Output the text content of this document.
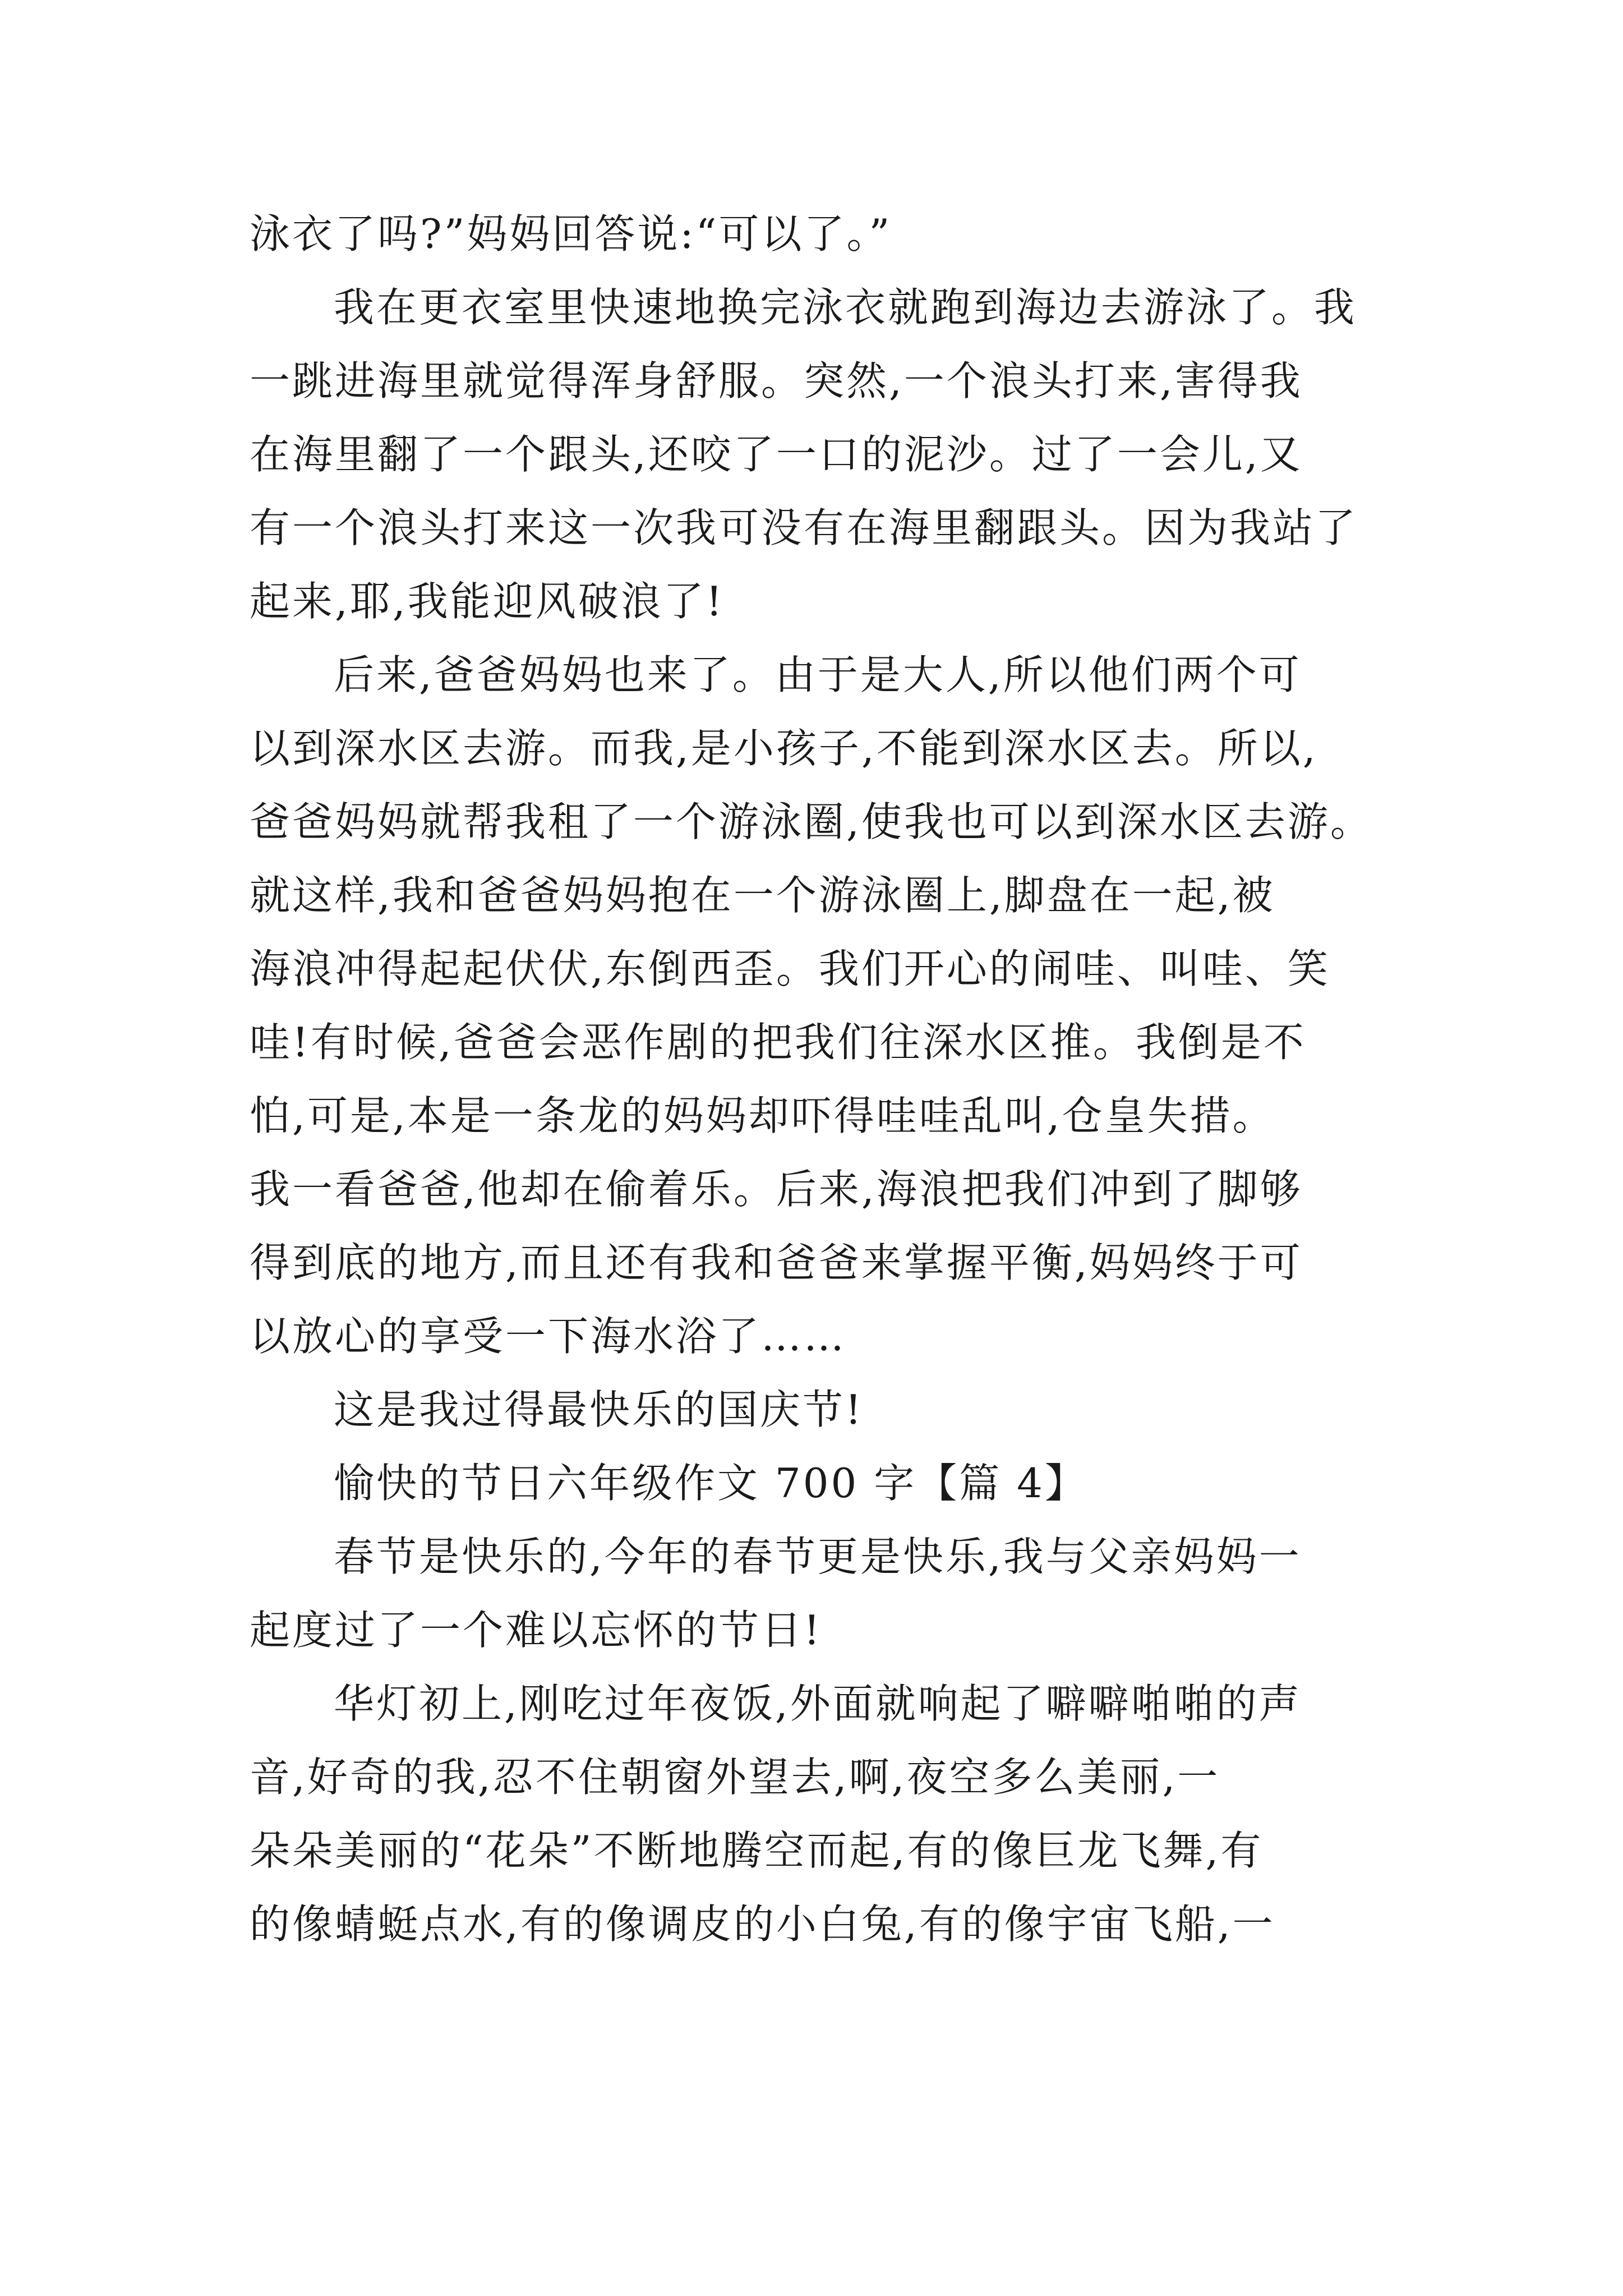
泳衣了吗?”妈妈回答说:“可以了。”
我在更衣室里快速地换完泳衣就跑到海边去游泳了。我
一跳进海里就觉得浑身舒服。突然,一个浪头打来,害得我
在海里翻了一个跟头,还咬了一口的泥沙。过了一会儿,又
有一个浪头打来这一次我可没有在海里翻跟头。因为我站了
起来,耶,我能迎风破浪了!
后来,爸爸妈妈也来了。由于是大人,所以他们两个可
以到深水区去游。而我,是小孩子,不能到深水区去。所以,
爸爸妈妈就帮我租了一个游泳圈,使我也可以到深水区去游。
就这样,我和爸爸妈妈抱在一个游泳圈上,脚盘在一起,被
海浪冲得起起伏伏,东倒西歪。我们开心的闹哇、叫哇、笑
哇!有时候,爸爸会恶作剧的把我们往深水区推。我倒是不
怕,可是,本是一条龙的妈妈却吓得哇哇乱叫,仓皇失措。
我一看爸爸,他却在偷着乐。后来,海浪把我们冲到了脚够
得到底的地方,而且还有我和爸爸来掌握平衡,妈妈终于可
以放心的享受一下海水浴了……
这是我过得最快乐的国庆节!
愉快的节日六年级作文 700 字【篇 4】
春节是快乐的,今年的春节更是快乐,我与父亲妈妈一
起度过了一个难以忘怀的节日!
华灯初上,刚吃过年夜饭,外面就响起了噼噼啪啪的声
音,好奇的我,忍不住朝窗外望去,啊,夜空多么美丽,一
朵朵美丽的“花朵”不断地腾空而起,有的像巨龙飞舞,有
的像蜻蜓点水,有的像调皮的小白兔,有的像宇宙飞船,一
